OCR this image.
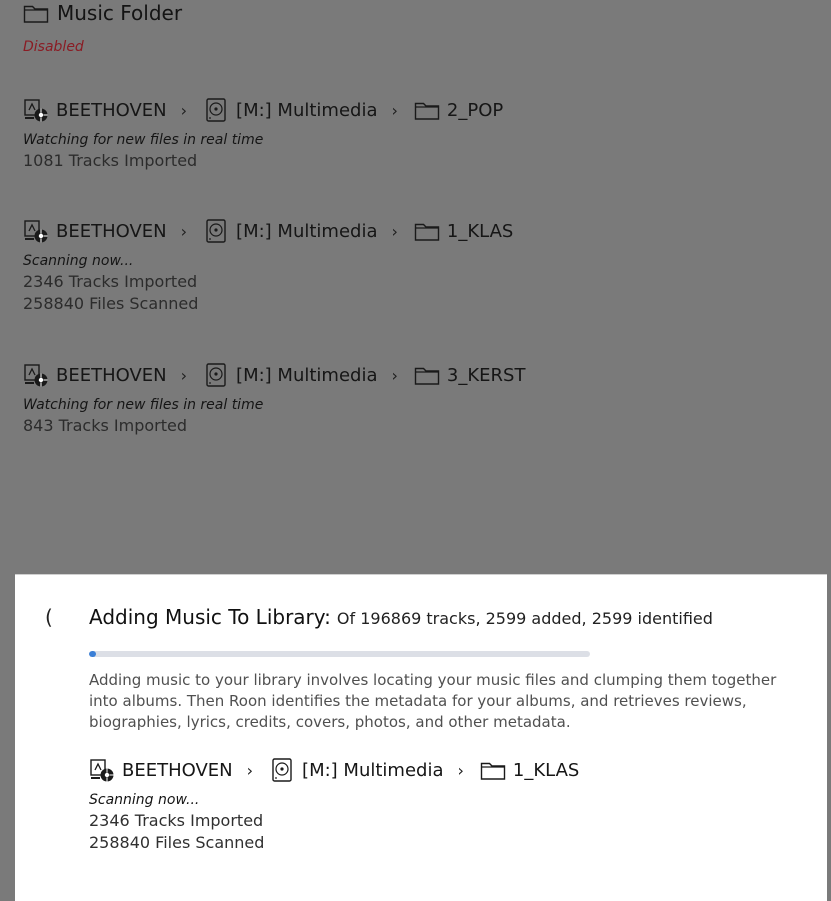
Music Folder
Disabled
BEETHOVEN ›	[M:] Multimedia ›	2_POP
Watching for new files in real time
1081 Tracks Imported
BEETHOVEN ›	[M:] Multimedia ›	1_KLAS
Scanning now...
2346 Tracks Imported
258840 Files Scanned
BEETHOVEN ›	[M:] Multimedia ›	3_KERST
Watching for new files in real time
843 Tracks Imported
( Adding Music To Library: Of 196869 tracks, 2599 added, 2599 identified
Adding music to your library involves locating your music files and clumping them together into albums. Then Roon identifies the metadata for your albums, and retrieves reviews, biographies, lyrics, credits, covers, photos, and other metadata.
BEETHOVEN ›	[M:] Multimedia ›	1_KLAS
Scanning now...
2346 Tracks Imported
258840 Files Scanned
